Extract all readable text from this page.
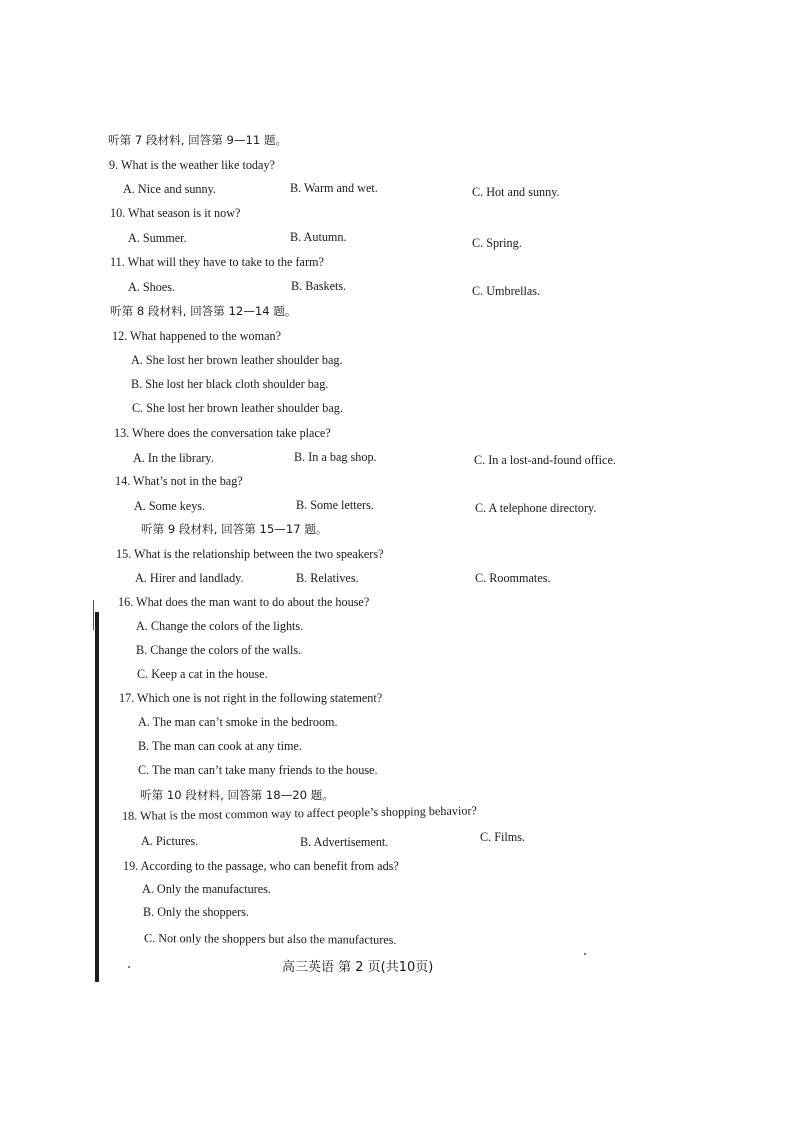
听第 7 段材料, 回答第 9—11 题。
9. What is the weather like today?
A. Nice and sunny.	B. Warm and wet.	C. Hot and sunny.
10. What season is it now?
A. Summer.	B. Autumn.	C. Spring.
11. What will they have to take to the farm?
A. Shoes.	B. Baskets.	C. Umbrellas.
听第 8 段材料, 回答第 12—14 题。
12. What happened to the woman?
A. She lost her brown leather shoulder bag.
B. She lost her black cloth shoulder bag.
C. She lost her brown leather shoulder bag.
13. Where does the conversation take place?
A. In the library.	B. In a bag shop.	C. In a lost-and-found office.
14. What’s not in the bag?
A. Some keys.	B. Some letters.	C. A telephone directory.
听第 9 段材料, 回答第 15—17 题。
15. What is the relationship between the two speakers?
A. Hirer and landlady.	B. Relatives.	C. Roommates.
16. What does the man want to do about the house?
A. Change the colors of the lights.
B. Change the colors of the walls.
C. Keep a cat in the house.
17. Which one is not right in the following statement?
A. The man can’t smoke in the bedroom.
B. The man can cook at any time.
C. The man can’t take many friends to the house.
听第 10 段材料, 回答第 18—20 题。
18. What is the most common way to affect people’s shopping behavior?
A. Pictures.	B. Advertisement.	C. Films.
19. According to the passage, who can benefit from ads?
A. Only the manufactures.
B. Only the shoppers.
C. Not only the shoppers but also the manufactures.
高三英语 第 2 页(共10页)
